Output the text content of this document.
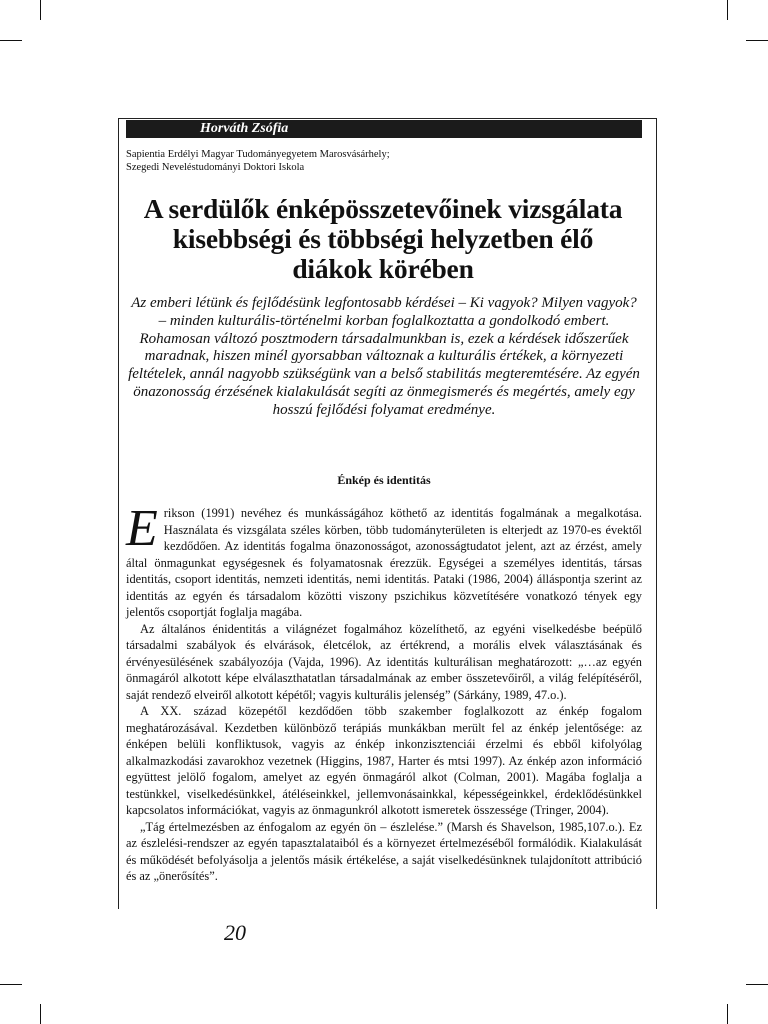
Horváth Zsófia
Sapientia Erdélyi Magyar Tudományegyetem Marosvásárhely;
Szegedi Neveléstudományi Doktori Iskola
A serdülők énképösszetevőinek vizsgálata kisebbségi és többségi helyzetben élő diákok körében
Az emberi létünk és fejlődésünk legfontosabb kérdései – Ki vagyok? Milyen vagyok? – minden kulturális-történelmi korban foglalkoztatta a gondolkodó embert. Rohamosan változó posztmodern társadalmunkban is, ezek a kérdések időszerűek maradnak, hiszen minél gyorsabban változnak a kulturális értékek, a környezeti feltételek, annál nagyobb szükségünk van a belső stabilitás megteremtésére. Az egyén önazonosság érzésének kialakulását segíti az önmegismerés és megértés, amely egy hosszú fejlődési folyamat eredménye.
Énkép és identitás

Erikson (1991) nevéhez és munkásságához köthető az identitás fogalmának a megalkotása. Használata és vizsgálata széles körben, több tudományterületen is elterjedt az 1970-es évektől kezdődően. Az identitás fogalma önazonosságot, azonosságtudatot jelent, azt az érzést, amely által önmagunkat egységesnek és folyamatosnak érezzük. Egységei a személyes identitás, társas identitás, csoport identitás, nemzeti identitás, nemi identitás. Pataki (1986, 2004) álláspontja szerint az identitás az egyén és társadalom közötti viszony pszichikus közvetítésére vonatkozó tények egy jelentős csoportját foglalja magába.

Az általános énidentitás a világnézet fogalmához közelíthető, az egyéni viselkedésbe beépülő társadalmi szabályok és elvárások, életcélok, az értékrend, a morális elvek választásának és érvényesülésének szabályozója (Vajda, 1996). Az identitás kulturálisan meghatározott: „…az egyén önmagáról alkotott képe elválaszthatatlan társadalmának az ember összetevőiről, a világ felépítéséről, saját rendező elveiről alkotott képétől; vagyis kulturális jelenség” (Sárkány, 1989, 47.o.).

A XX. század közepétől kezdődően több szakember foglalkozott az énkép fogalom meghatározásával. Kezdetben különböző terápiás munkákban merült fel az énkép jelentősége: az énképen belüli konfliktusok, vagyis az énkép inkonzisztenciái érzelmi és ebből kifolyólag alkalmazkodási zavarokhoz vezetnek (Higgins, 1987, Harter és mtsi 1997). Az énkép azon információ együttest jelölő fogalom, amelyet az egyén önmagáról alkot (Colman, 2001). Magába foglalja a testünkkel, viselkedésünkkel, átéléseinkkel, jellemvonásainkkal, képességeinkkel, érdeklődésünkkel kapcsolatos információkat, vagyis az önmagunkról alkotott ismeretek összessége (Tringer, 2004).

„Tág értelmezésben az énfogalom az egyén ön – észlelése.” (Marsh és Shavelson, 1985,107.o.). Ez az észlelési-rendszer az egyén tapasztalataiból és a környezet értelmezéséből formálódik. Kialakulását és működését befolyásolja a jelentős másik értékelése, a saját viselkedésünknek tulajdonított attribúció és az „önerősítés”.

20
